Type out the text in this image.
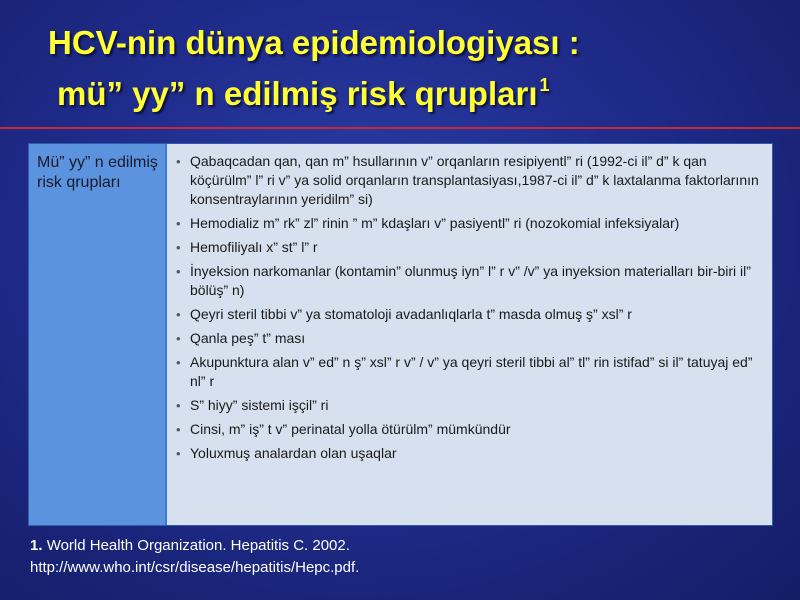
HCV-nin dünya epidemiologiyası :
mü” yy” n edilmiş risk qrupları $^1$
Mü” yy” n edilmiş risk qrupları
• Qabaqcadan qan, qan m” hsullarının v” orqanların resipiyentl” ri (1992-ci il” d” k qan köçürülm” l” ri v” ya solid orqanların transplantasiyası,1987-ci il” d” k laxtalanma faktorlarının konsentraylarının yeridilm” si)
• Hemodializ m” rk” zl” rinin ” m” kdaşları v” pasiyentl” ri (nozokomial infeksiyalar)
• Hemofiliyalı x” st” l” r
• İnyeksion narkomanlar (kontamin” olunmuş iyn” l” r v” /v” ya inyeksion materialları bir-biri il” bölüş” n)
• Qeyri steril tibbi v” ya stomatoloji avadanlıqlarla t” masda olmuş ş” xsl” r
• Qanla peş” t” ması
• Akupunktura alan v” ed” n ş” xsl” r v” / v” ya qeyri steril tibbi al” tl” rin istifad” si il” tatuyaj ed” nl” r
• S” hiyy” sistemi işçil” ri
• Cinsi, m” iş” t v” perinatal yolla ötürülm” mümkündür
• Yoluxmuş analardan olan uşaqlar
1. World Health Organization. Hepatitis C. 2002.
http://www.who.int/csr/disease/hepatitis/Hepc.pdf.
